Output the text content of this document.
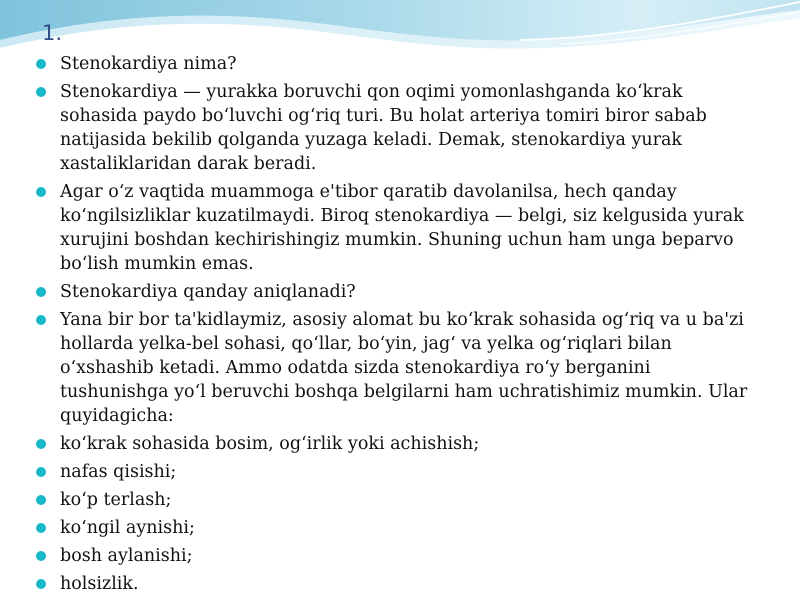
1.
Stenokardiya nima?
Stenokardiya — yurakka boruvchi qon oqimi yomonlashganda ko‘krak sohasida paydo bo‘luvchi og‘riq turi. Bu holat arteriya tomiri biror sabab natijasida bekilib qolganda yuzaga keladi. Demak, stenokardiya yurak xastaliklaridan darak beradi.
Agar o‘z vaqtida muammoga e'tibor qaratib davolanilsa, hech qanday ko‘ngilsizliklar kuzatilmaydi. Biroq stenokardiya — belgi, siz kelgusida yurak xurujini boshdan kechirishingiz mumkin. Shuning uchun ham unga beparvo bo‘lish mumkin emas.
Stenokardiya qanday aniqlanadi?
Yana bir bor ta'kidlaymiz, asosiy alomat bu ko‘krak sohasida og‘riq va u ba'zi hollarda yelka-bel sohasi, qo‘llar, bo‘yin, jag‘ va yelka og‘riqlari bilan o‘xshashib ketadi. Ammo odatda sizda stenokardiya ro‘y berganini tushunishga yo‘l beruvchi boshqa belgilarni ham uchratishimiz mumkin. Ular quyidagicha:
ko‘krak sohasida bosim, og‘irlik yoki achishish;
nafas qisishi;
ko‘p terlash;
ko‘ngil aynishi;
bosh aylanishi;
holsizlik.
